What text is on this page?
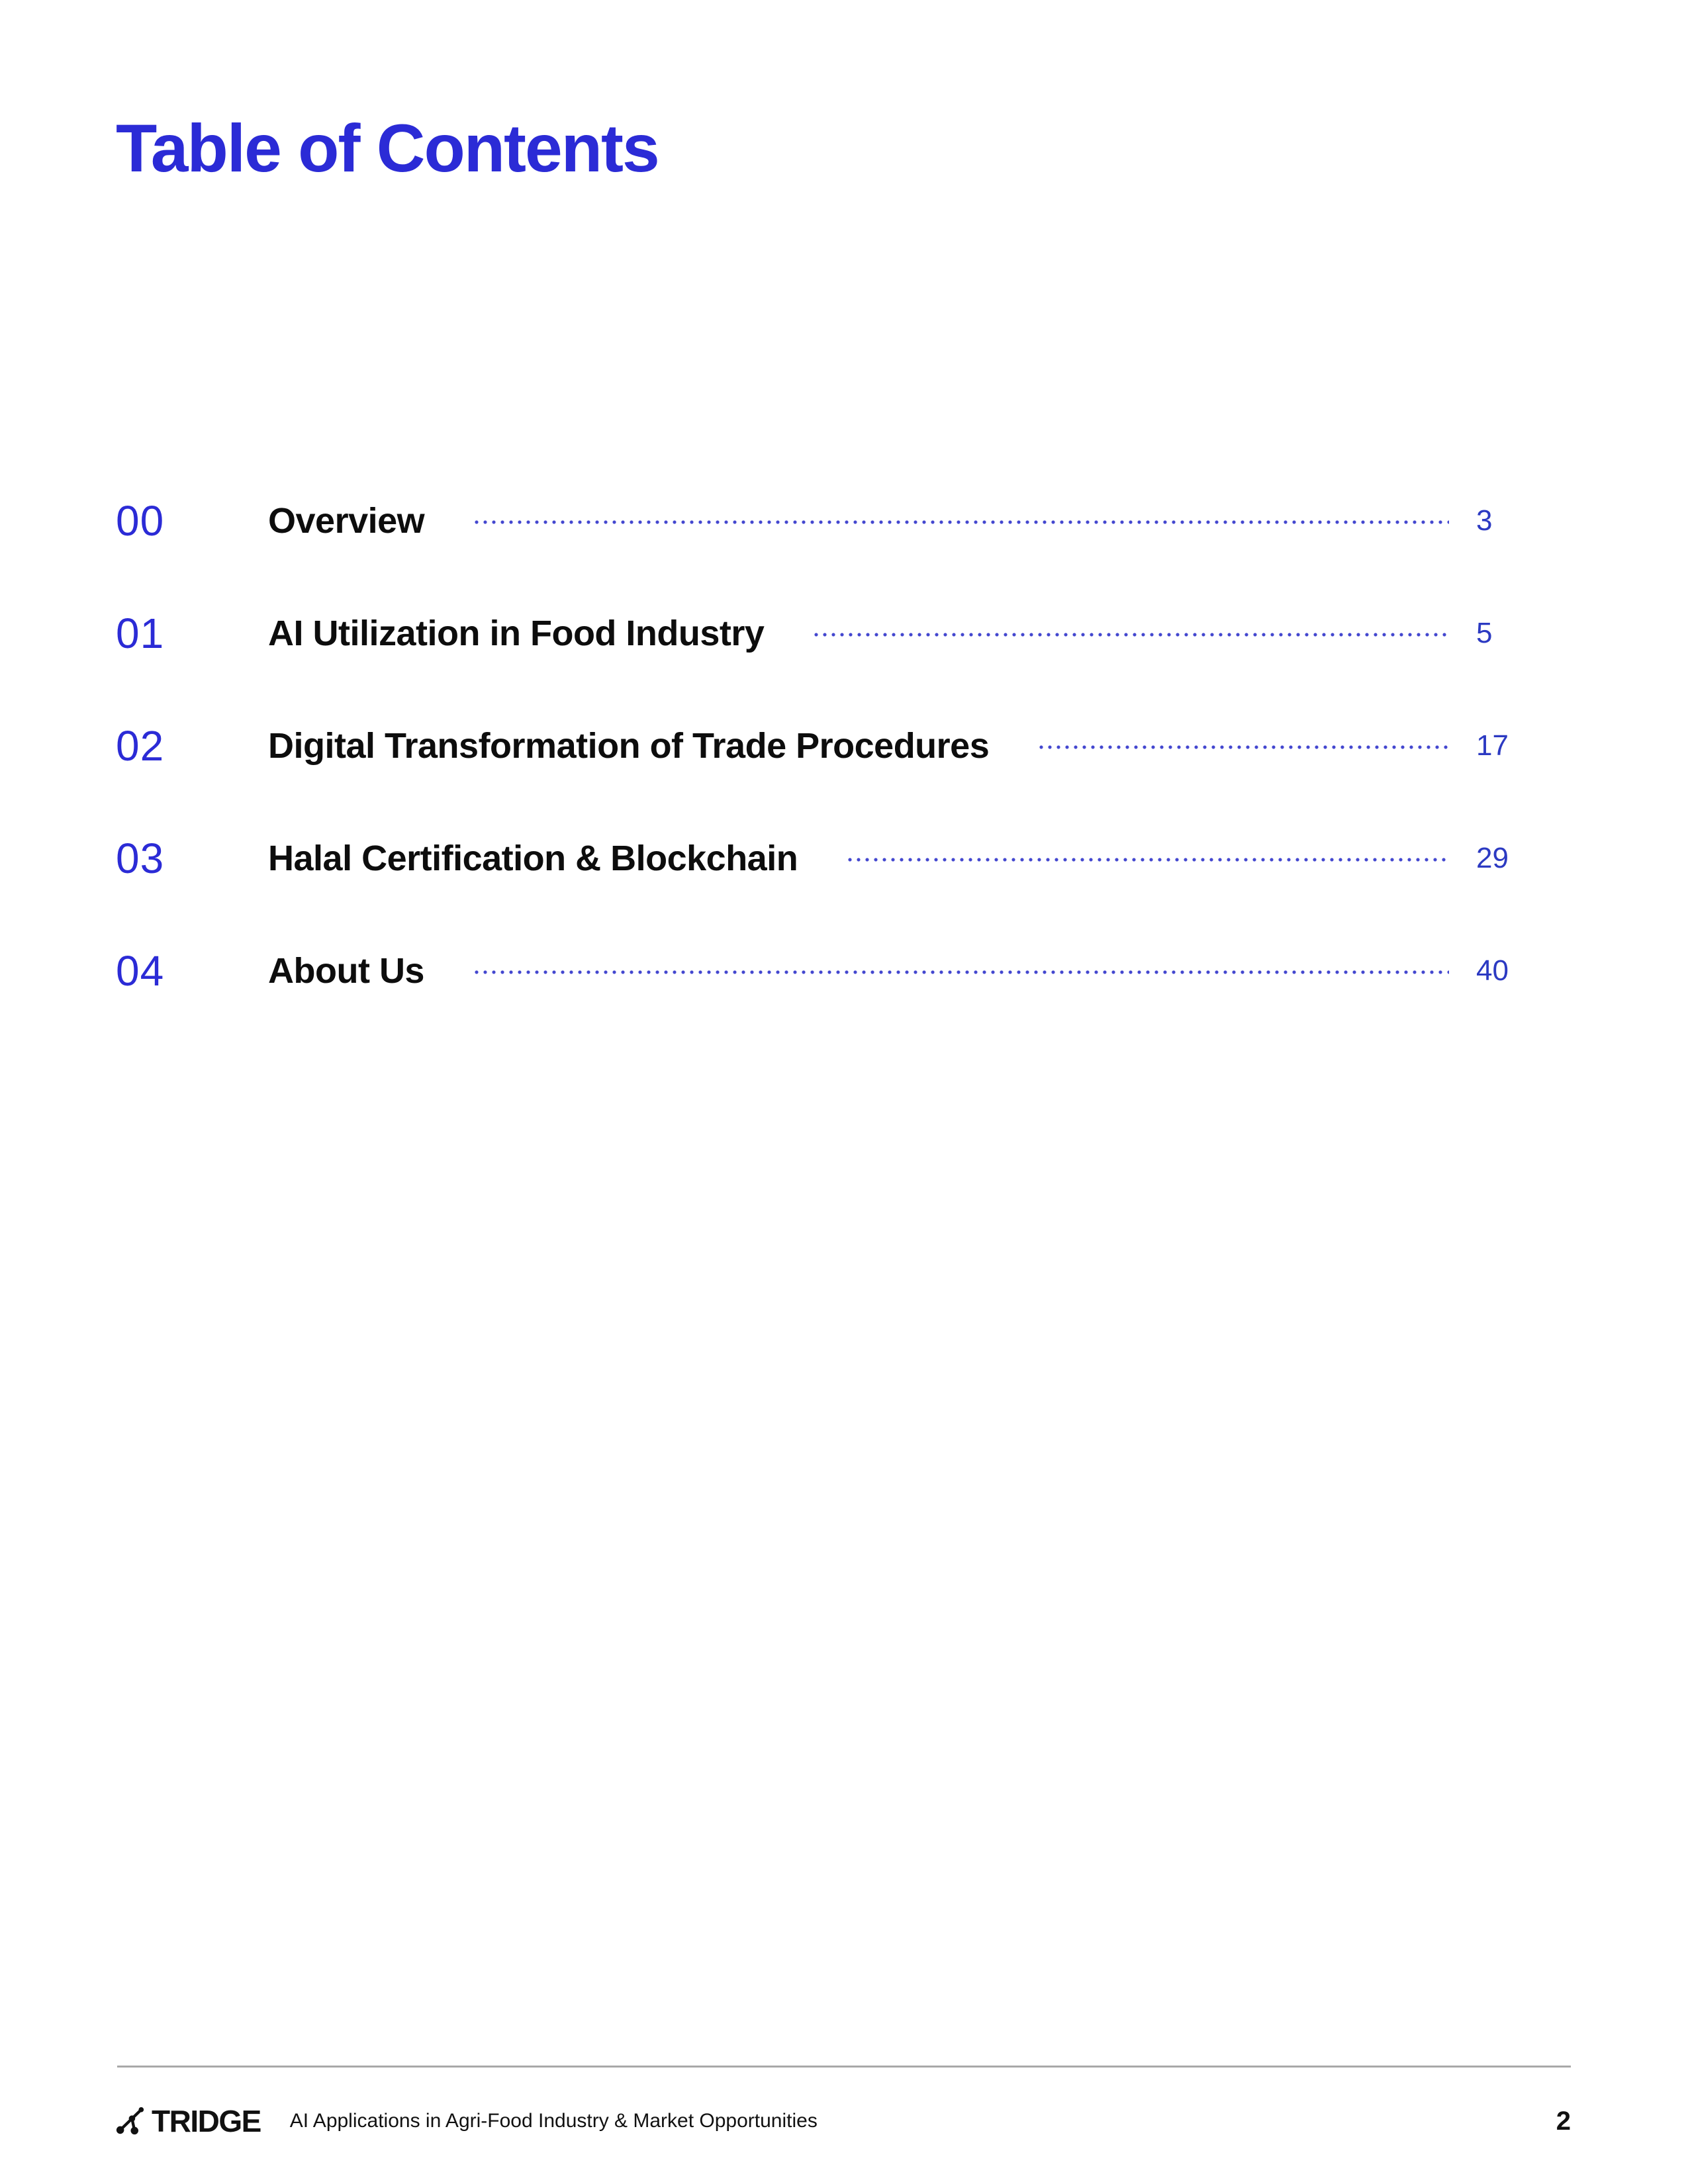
Table of Contents
00	Overview	3
01	AI Utilization in Food Industry	5
02	Digital Transformation of Trade Procedures	17
03	Halal Certification & Blockchain	29
04	About Us	40
TRIDGE AI Applications in Agri-Food Industry & Market Opportunities	2
